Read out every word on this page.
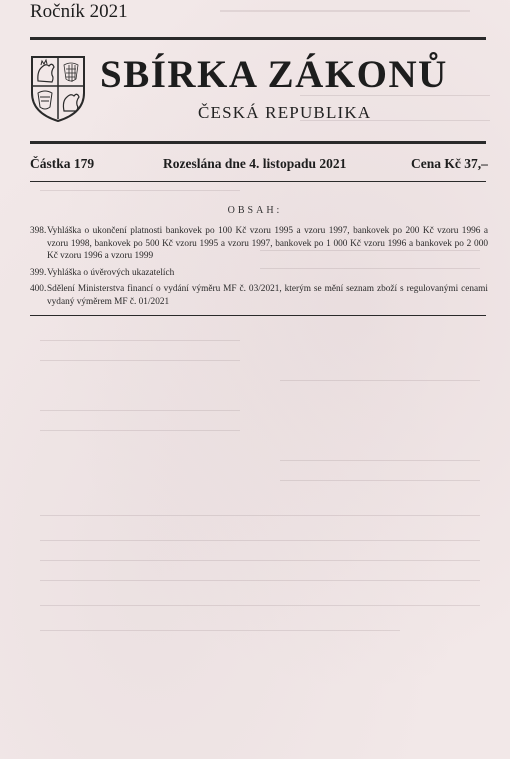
Ročník 2021
SBÍRKA ZÁKONŮ
ČESKÁ REPUBLIKA
Částka 179	Rozeslána dne 4. listopadu 2021	Cena Kč 37,–
OBSAH:
398. Vyhláška o ukončení platnosti bankovek po 100 Kč vzoru 1995 a vzoru 1997, bankovek po 200 Kč vzoru 1996 a vzoru 1998, bankovek po 500 Kč vzoru 1995 a vzoru 1997, bankovek po 1 000 Kč vzoru 1996 a bankovek po 2 000 Kč vzoru 1996 a vzoru 1999
399. Vyhláška o úvěrových ukazatelích
400. Sdělení Ministerstva financí o vydání výměru MF č. 03/2021, kterým se mění seznam zboží s regulovanými cenami vydaný výměrem MF č. 01/2021
